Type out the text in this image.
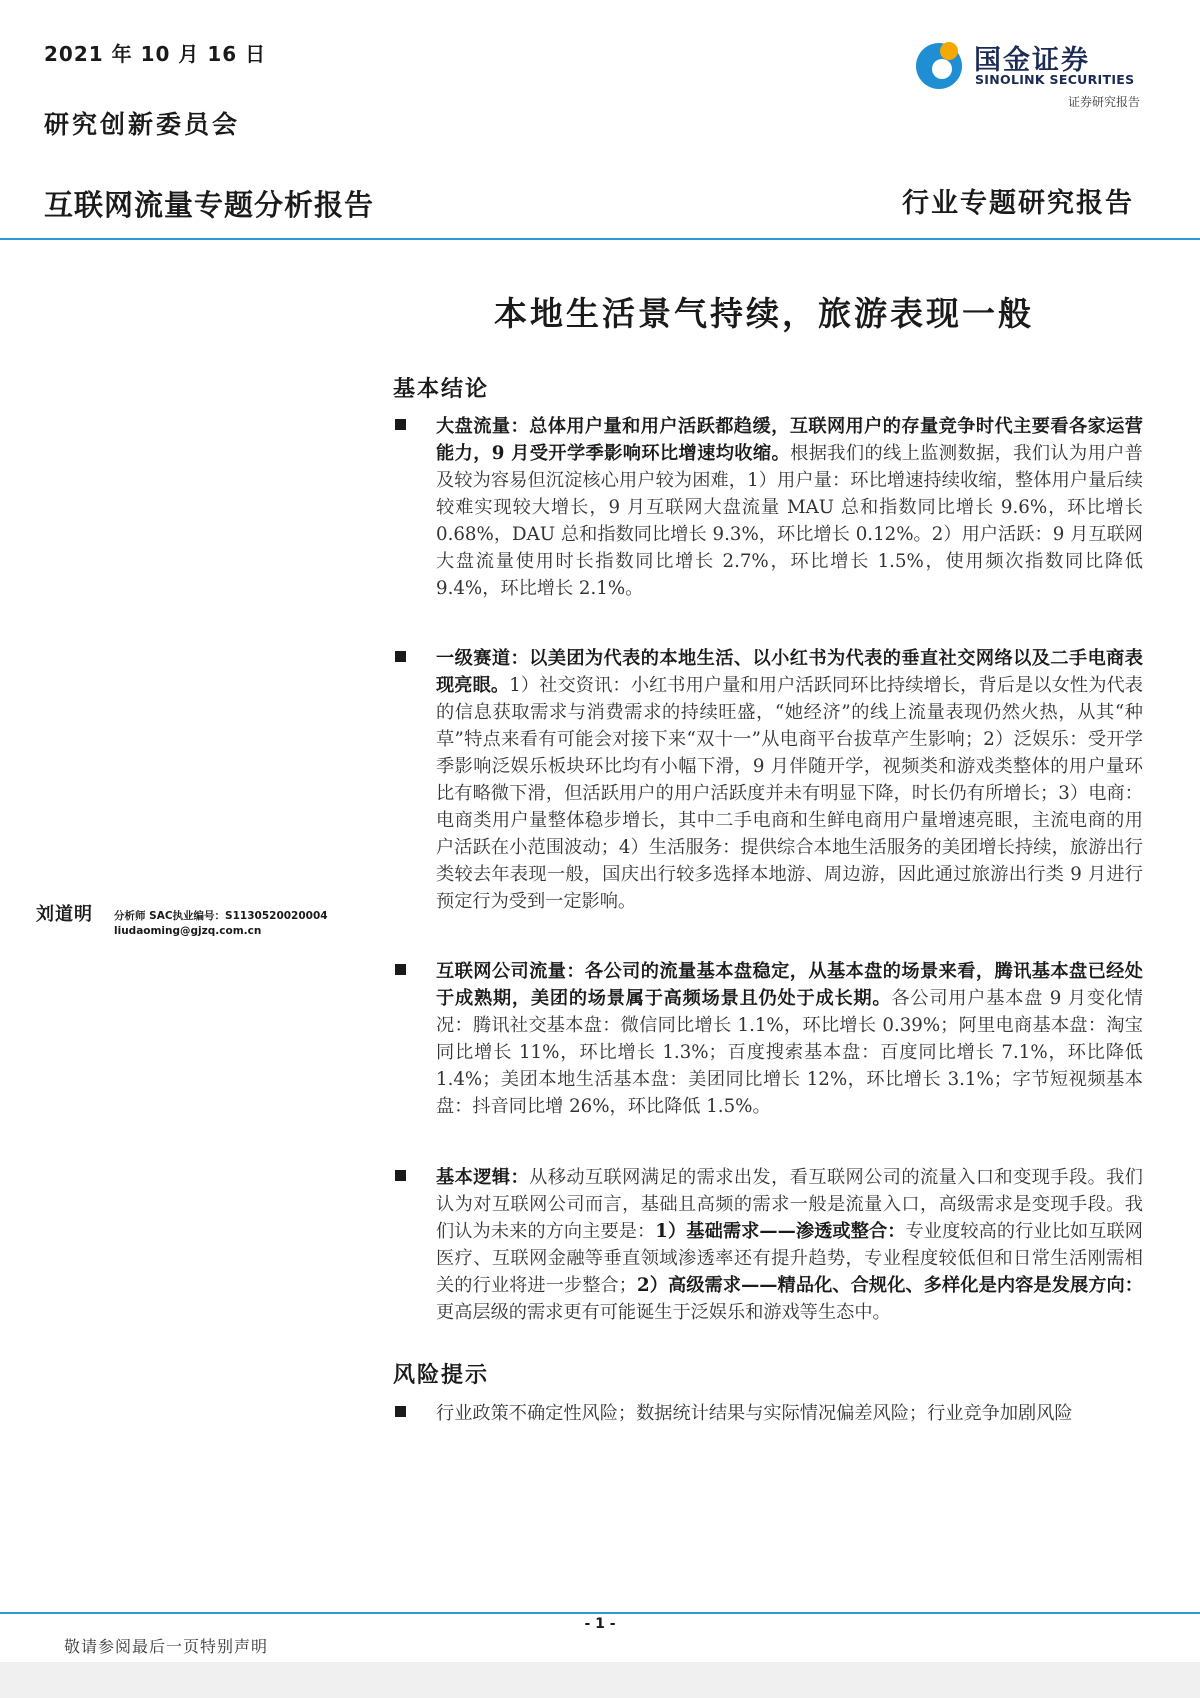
2021 年 10 月 16 日
研究创新委员会
国金证券
SINOLINK SECURITIES
证券研究报告
互联网流量专题分析报告	行业专题研究报告
本地生活景气持续，旅游表现一般
基本结论
大盘流量：总体用户量和用户活跃都趋缓，互联网用户的存量竞争时代主要看各家运营能力，9 月受开学季影响环比增速均收缩。根据我们的线上监测数据，我们认为用户普及较为容易但沉淀核心用户较为困难，1）用户量：环比增速持续收缩，整体用户量后续较难实现较大增长，9 月互联网大盘流量 MAU 总和指数同比增长 9.6%，环比增长 0.68%，DAU 总和指数同比增长 9.3%，环比增长 0.12%。2）用户活跃：9 月互联网大盘流量使用时长指数同比增长 2.7%，环比增长 1.5%，使用频次指数同比降低 9.4%，环比增长 2.1%。
一级赛道：以美团为代表的本地生活、以小红书为代表的垂直社交网络以及二手电商表现亮眼。1）社交资讯：小红书用户量和用户活跃同环比持续增长，背后是以女性为代表的信息获取需求与消费需求的持续旺盛，“她经济”的线上流量表现仍然火热，从其“种草”特点来看有可能会对接下来“双十一”从电商平台拔草产生影响；2）泛娱乐：受开学季影响泛娱乐板块环比均有小幅下滑，9 月伴随开学，视频类和游戏类整体的用户量环比有略微下滑，但活跃用户的用户活跃度并未有明显下降，时长仍有所增长；3）电商：电商类用户量整体稳步增长，其中二手电商和生鲜电商用户量增速亮眼，主流电商的用户活跃在小范围波动；4）生活服务：提供综合本地生活服务的美团增长持续，旅游出行类较去年表现一般，国庆出行较多选择本地游、周边游，因此通过旅游出行类 9 月进行预定行为受到一定影响。
互联网公司流量：各公司的流量基本盘稳定，从基本盘的场景来看，腾讯基本盘已经处于成熟期，美团的场景属于高频场景且仍处于成长期。各公司用户基本盘 9 月变化情况：腾讯社交基本盘：微信同比增长 1.1%，环比增长 0.39%；阿里电商基本盘：淘宝同比增长 11%，环比增长 1.3%；百度搜索基本盘：百度同比增长 7.1%，环比降低 1.4%；美团本地生活基本盘：美团同比增长 12%，环比增长 3.1%；字节短视频基本盘：抖音同比增 26%，环比降低 1.5%。
基本逻辑：从移动互联网满足的需求出发，看互联网公司的流量入口和变现手段。我们认为对互联网公司而言，基础且高频的需求一般是流量入口，高级需求是变现手段。我们认为未来的方向主要是：1）基础需求——渗透或整合：专业度较高的行业比如互联网医疗、互联网金融等垂直领域渗透率还有提升趋势，专业程度较低但和日常生活刚需相关的行业将进一步整合；2）高级需求——精品化、合规化、多样化是内容是发展方向：更高层级的需求更有可能诞生于泛娱乐和游戏等生态中。
风险提示
行业政策不确定性风险；数据统计结果与实际情况偏差风险；行业竞争加剧风险
刘道明 分析师 SAC执业编号：S1130520020004
liudaoming@gjzq.com.cn
- 1 -
敬请参阅最后一页特别声明
